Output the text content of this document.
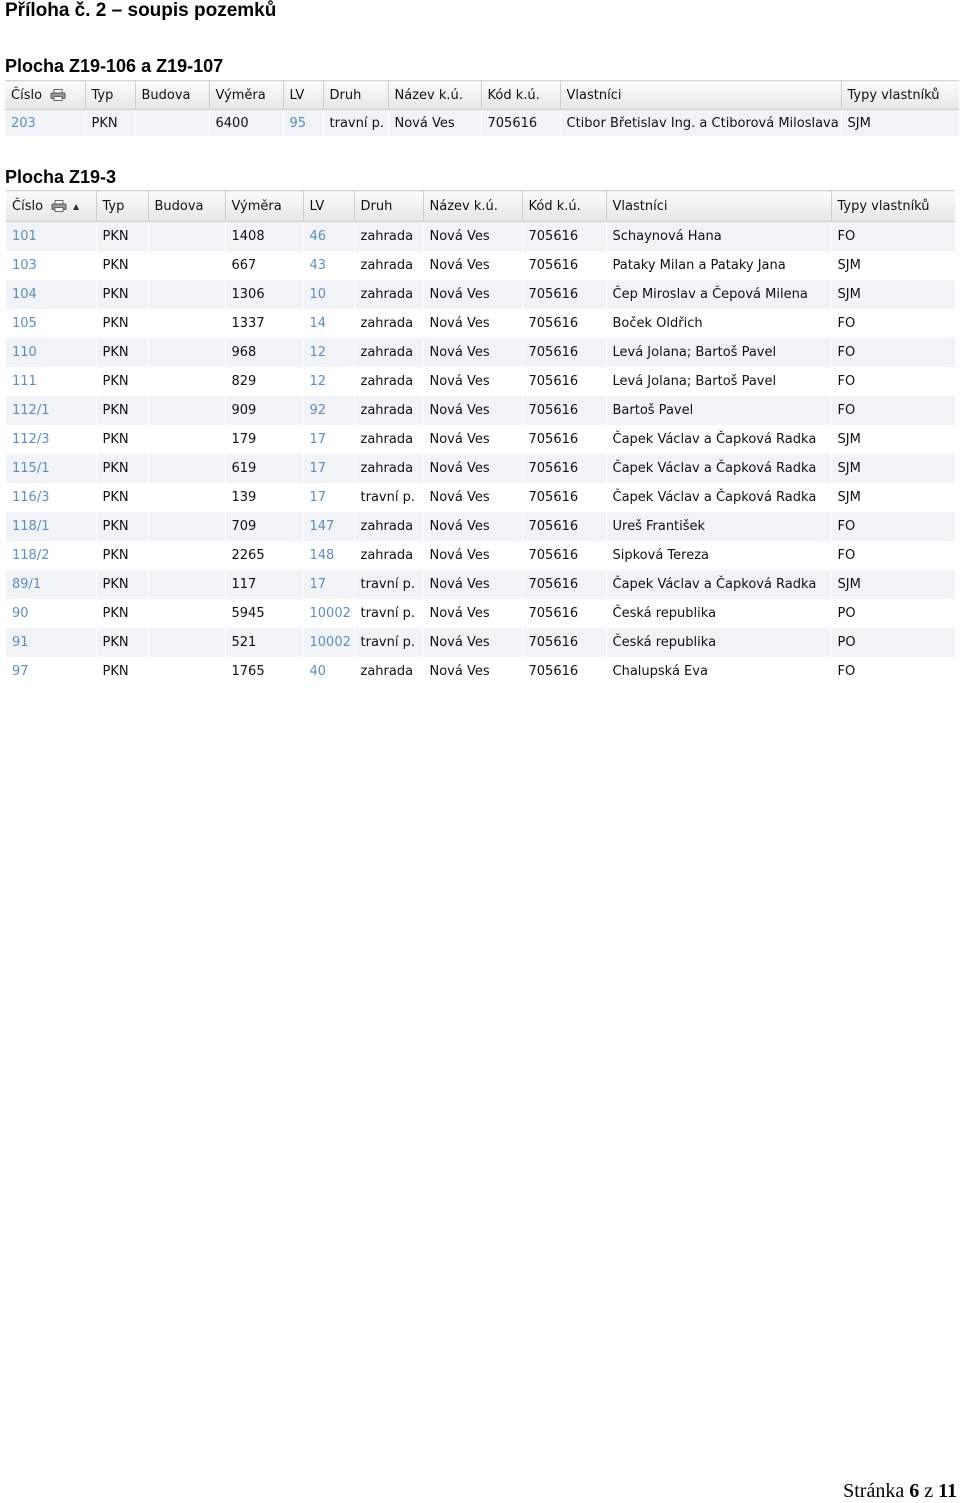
Příloha č. 2 – soupis pozemků
Plocha Z19-106 a Z19-107
Číslo	Typ	Budova	Výměra	LV	Druh	Název k.ú.	Kód k.ú.	Vlastníci	Typy vlastníků
203	PKN		6400	95	travní p.	Nová Ves	705616	Ctibor Břetislav Ing. a Ctiborová Miloslava	SJM
Plocha Z19-3
Číslo ▲	Typ	Budova	Výměra	LV	Druh	Název k.ú.	Kód k.ú.	Vlastníci	Typy vlastníků
101	PKN		1408	46	zahrada	Nová Ves	705616	Schaynová Hana	FO
103	PKN		667	43	zahrada	Nová Ves	705616	Pataky Milan a Pataky Jana	SJM
104	PKN		1306	10	zahrada	Nová Ves	705616	Čep Miroslav a Čepová Milena	SJM
105	PKN		1337	14	zahrada	Nová Ves	705616	Boček Oldřich	FO
110	PKN		968	12	zahrada	Nová Ves	705616	Levá Jolana; Bartoš Pavel	FO
111	PKN		829	12	zahrada	Nová Ves	705616	Levá Jolana; Bartoš Pavel	FO
112/1	PKN		909	92	zahrada	Nová Ves	705616	Bartoš Pavel	FO
112/3	PKN		179	17	zahrada	Nová Ves	705616	Čapek Václav a Čapková Radka	SJM
115/1	PKN		619	17	zahrada	Nová Ves	705616	Čapek Václav a Čapková Radka	SJM
116/3	PKN		139	17	travní p.	Nová Ves	705616	Čapek Václav a Čapková Radka	SJM
118/1	PKN		709	147	zahrada	Nová Ves	705616	Ureš František	FO
118/2	PKN		2265	148	zahrada	Nová Ves	705616	Sipková Tereza	FO
89/1	PKN		117	17	travní p.	Nová Ves	705616	Čapek Václav a Čapková Radka	SJM
90	PKN		5945	10002	travní p.	Nová Ves	705616	Česká republika	PO
91	PKN		521	10002	travní p.	Nová Ves	705616	Česká republika	PO
97	PKN		1765	40	zahrada	Nová Ves	705616	Chalupská Eva	FO
Stránka 6 z 11
